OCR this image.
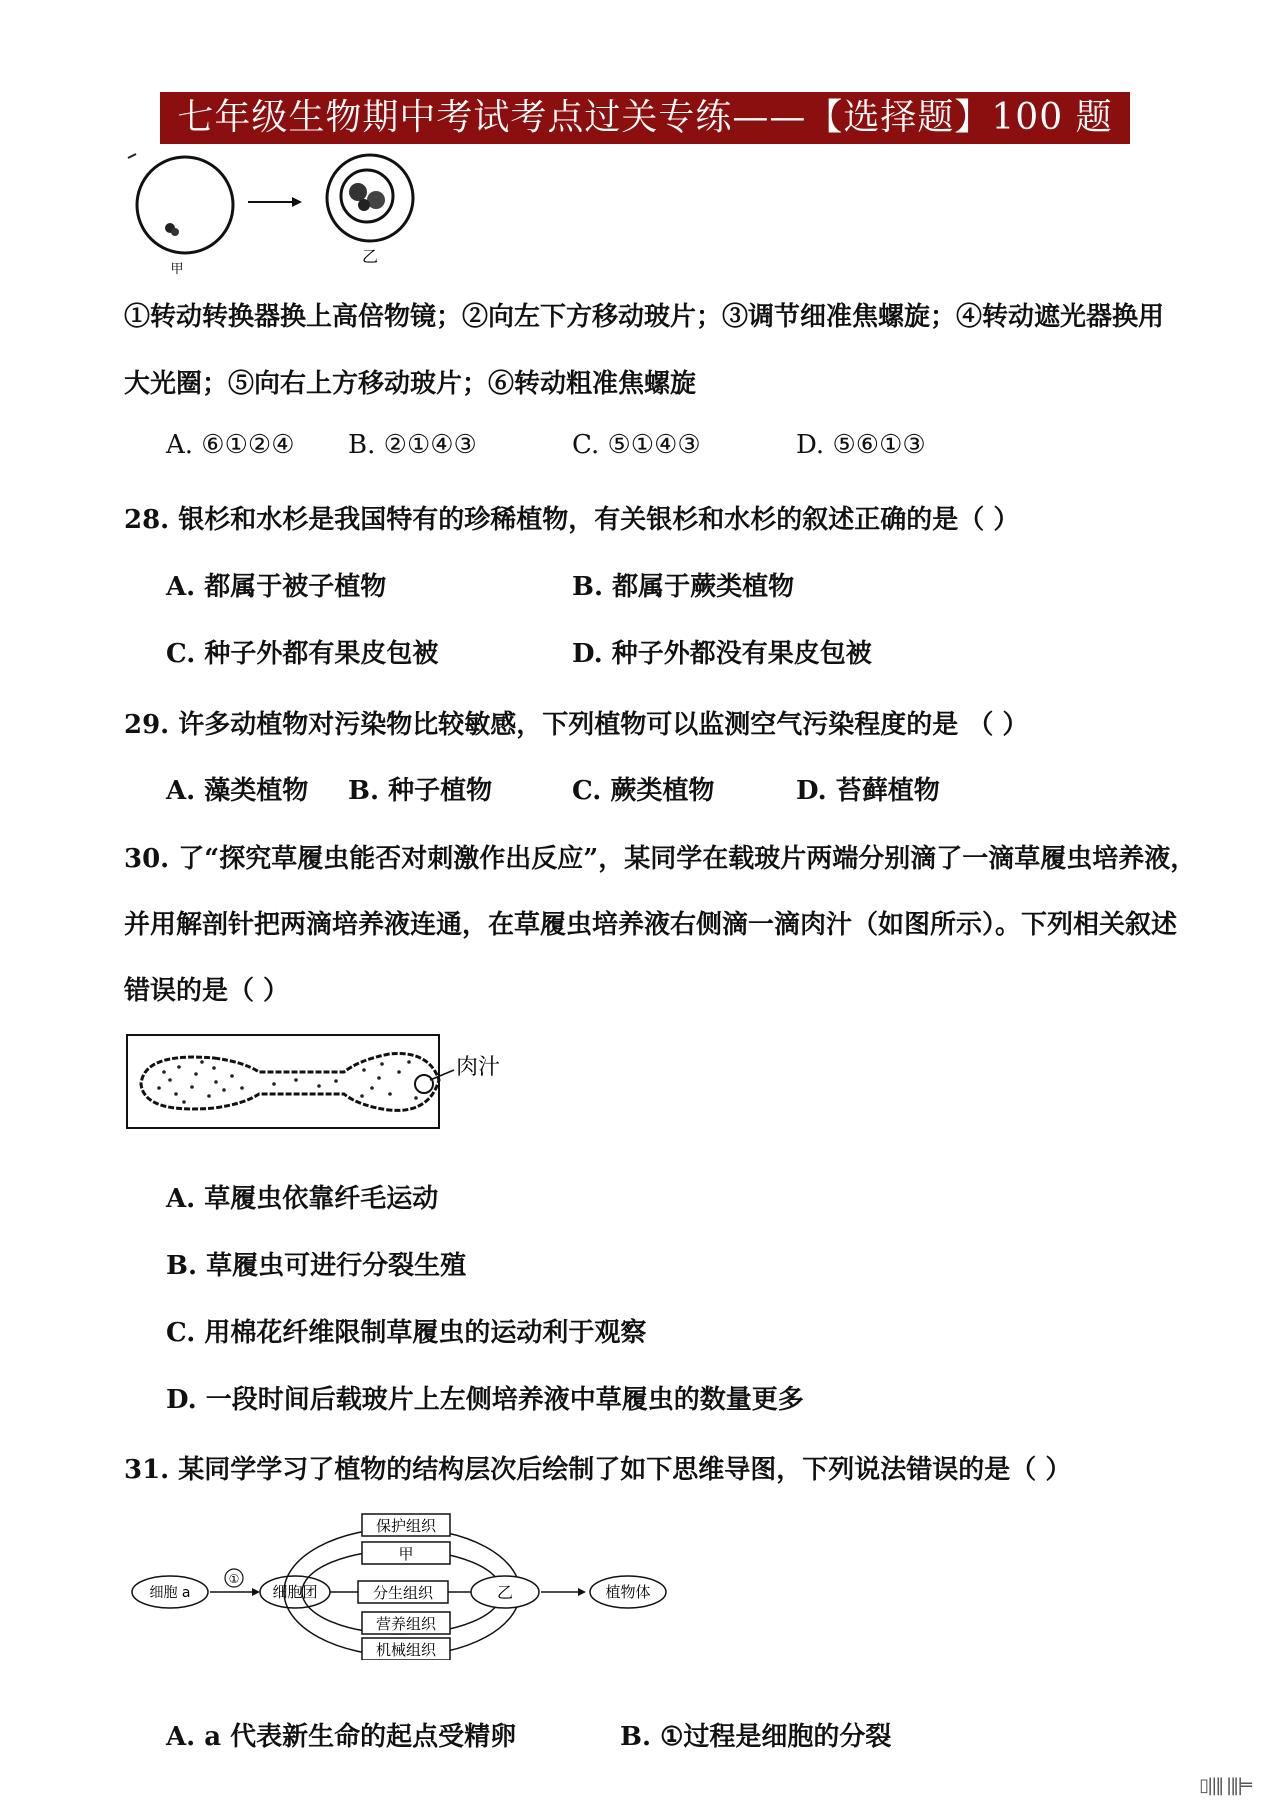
七年级生物期中考试考点过关专练——【选择题】100 题
甲
乙
①转动转换器换上高倍物镜；②向左下方移动玻片；③调节细准焦螺旋；④转动遮光器换用
大光圈；⑤向右上方移动玻片；⑥转动粗准焦螺旋
A. ⑥①②④ B. ②①④③	C. ⑤①④③	D. ⑤⑥①③
28. 银杉和水杉是我国特有的珍稀植物，有关银杉和水杉的叙述正确的是（ ）
A. 都属于被子植物	B. 都属于蕨类植物
C. 种子外都有果皮包被	D. 种子外都没有果皮包被
29. 许多动植物对污染物比较敏感，下列植物可以监测空气污染程度的是 （ ）
A. 藻类植物 B. 种子植物	C. 蕨类植物	D. 苔藓植物
30. 了“探究草履虫能否对刺激作出反应”，某同学在载玻片两端分别滴了一滴草履虫培养液，
并用解剖针把两滴培养液连通，在草履虫培养液右侧滴一滴肉汁（如图所示）。下列相关叙述
错误的是（ ）
肉汁
A. 草履虫依靠纤毛运动
B. 草履虫可进行分裂生殖
C. 用棉花纤维限制草履虫的运动利于观察
D. 一段时间后载玻片上左侧培养液中草履虫的数量更多
31. 某同学学习了植物的结构层次后绘制了如下思维导图，下列说法错误的是（ ）
细胞 a
①
细胞团
保护组织
甲
分生组织
营养组织
机械组织
乙	植物体
A. a 代表新生命的起点受精卵	B. ①过程是细胞的分裂
▯||‖ |‖|═
